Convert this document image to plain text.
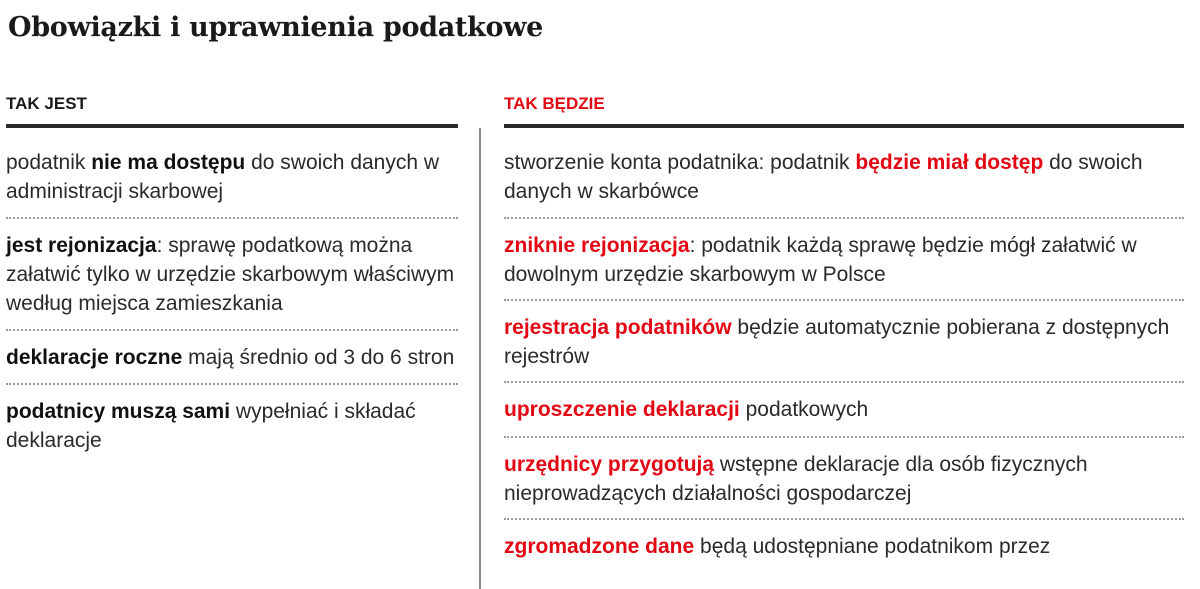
Obowiązki i uprawnienia podatkowe
TAK JEST
podatnik nie ma dostępu do swoich danych w administracji skarbowej
jest rejonizacja: sprawę podatkową można załatwić tylko w urzędzie skarbowym właściwym według miejsca zamieszkania
deklaracje roczne mają średnio od 3 do 6 stron
podatnicy muszą sami wypełniać i składać deklaracje
TAK BĘDZIE
stworzenie konta podatnika: podatnik będzie miał dostęp do swoich danych w skarbówce
zniknie rejonizacja: podatnik każdą sprawę będzie mógł załatwić w dowolnym urzędzie skarbowym w Polsce
rejestracja podatników będzie automatycznie pobierana z dostępnych rejestrów
uproszczenie deklaracji podatkowych
urzędnicy przygotują wstępne deklaracje dla osób fizycznych nieprowadzących działalności gospodarczej
zgromadzone dane będą udostępniane podatnikom przez
